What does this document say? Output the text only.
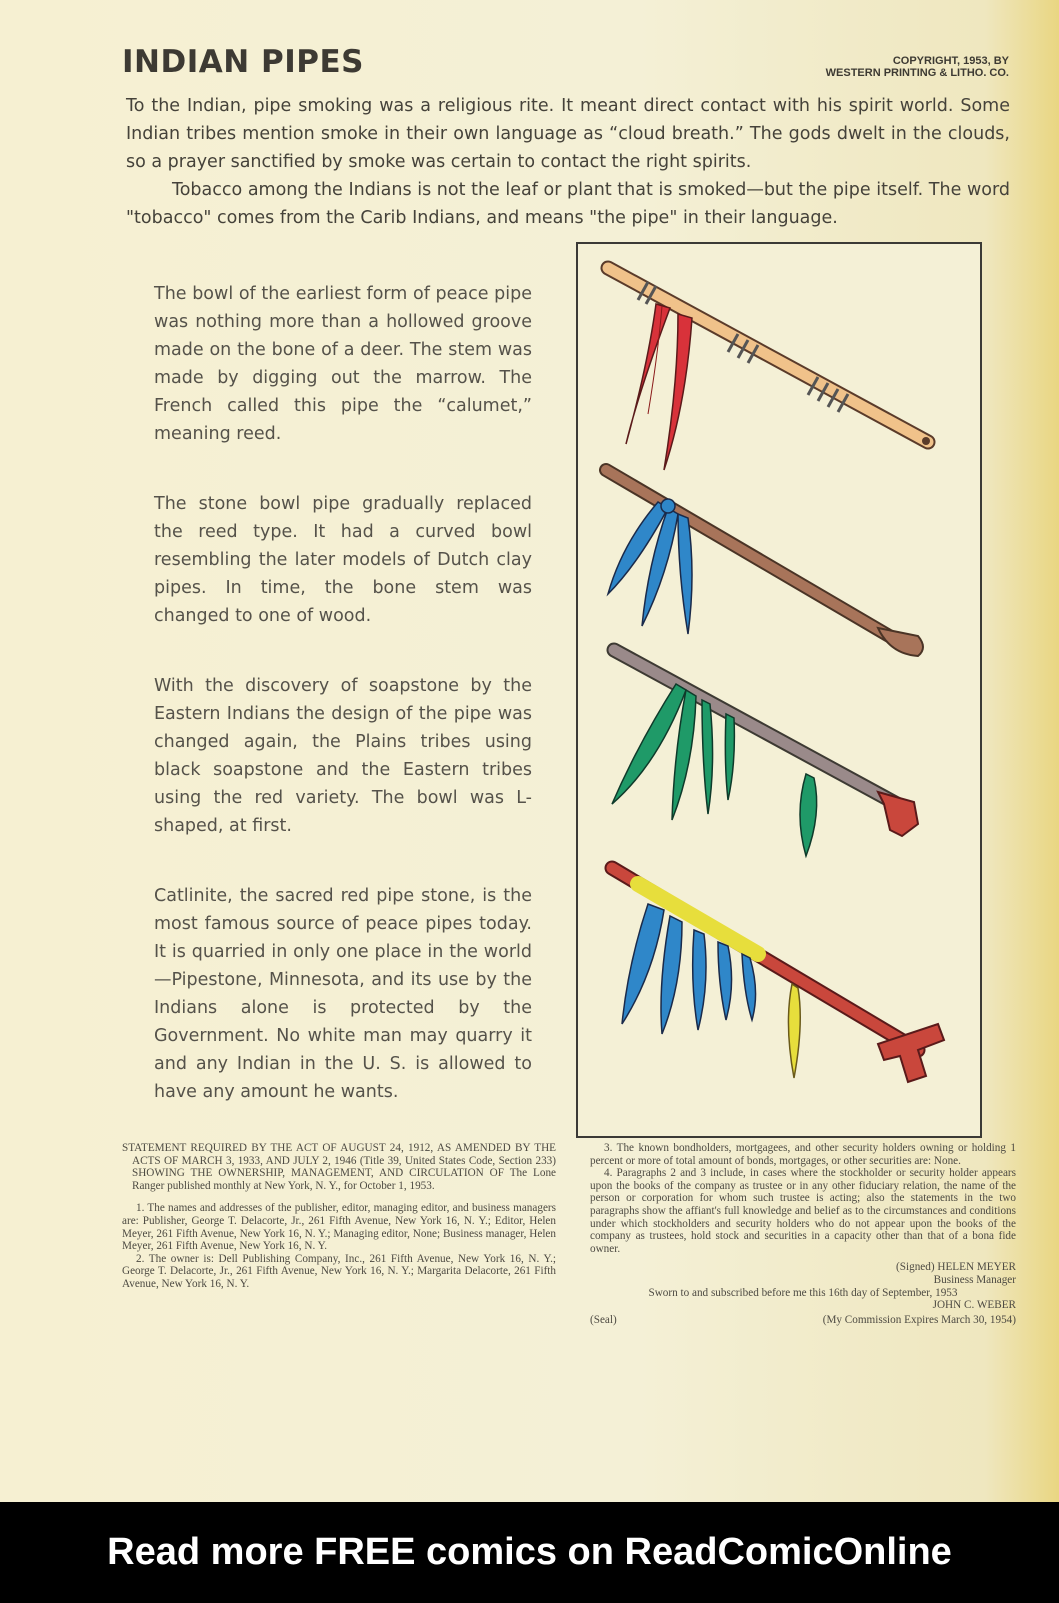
INDIAN PIPES	COPYRIGHT, 1953, BY
WESTERN PRINTING & LITHO. CO.

To the Indian, pipe smoking was a religious rite. It meant direct contact with his spirit world. Some Indian tribes mention smoke in their own language as “cloud breath.” The gods dwelt in the clouds, so a prayer sanctified by smoke was certain to contact the right spirits.

Tobacco among the Indians is not the leaf or plant that is smoked—but the pipe itself. The word "tobacco" comes from the Carib Indians, and means "the pipe" in their language.

The bowl of the earliest form of peace pipe was nothing more than a hollowed groove made on the bone of a deer. The stem was made by digging out the marrow. The French called this pipe the “calumet,” meaning reed.

The stone bowl pipe gradually replaced the reed type. It had a curved bowl resembling the later models of Dutch clay pipes. In time, the bone stem was changed to one of wood.

With the discovery of soapstone by the Eastern Indians the design of the pipe was changed again, the Plains tribes using black soapstone and the Eastern tribes using the red variety. The bowl was L-shaped, at first.

Catlinite, the sacred red pipe stone, is the most famous source of peace pipes today. It is quarried in only one place in the world—Pipestone, Minnesota, and its use by the Indians alone is protected by the Government. No white man may quarry it and any Indian in the U. S. is allowed to have any amount he wants.

STATEMENT REQUIRED BY THE ACT OF AUGUST 24, 1912, AS AMENDED BY THE ACTS OF MARCH 3, 1933, AND JULY 2, 1946 (Title 39, United States Code, Section 233) SHOWING THE OWNERSHIP, MANAGEMENT, AND CIRCULATION OF The Lone Ranger published monthly at New York, N. Y., for October 1, 1953.

1. The names and addresses of the publisher, editor, managing editor, and business managers are: Publisher, George T. Delacorte, Jr., 261 Fifth Avenue, New York 16, N. Y.; Editor, Helen Meyer, 261 Fifth Avenue, New York 16, N. Y.; Managing editor, None; Business manager, Helen Meyer, 261 Fifth Avenue, New York 16, N. Y.

2. The owner is: Dell Publishing Company, Inc., 261 Fifth Avenue, New York 16, N. Y.; George T. Delacorte, Jr., 261 Fifth Avenue, New York 16, N. Y.; Margarita Delacorte, 261 Fifth Avenue, New York 16, N. Y.

3. The known bondholders, mortgagees, and other security holders owning or holding 1 percent or more of total amount of bonds, mortgages, or other securities are: None.

4. Paragraphs 2 and 3 include, in cases where the stockholder or security holder appears upon the books of the company as trustee or in any other fiduciary relation, the name of the person or corporation for whom such trustee is acting; also the statements in the two paragraphs show the affiant's full knowledge and belief as to the circumstances and conditions under which stockholders and security holders who do not appear upon the books of the company as trustees, hold stock and securities in a capacity other than that of a bona fide owner.

(Signed) HELEN MEYER

Business Manager

Sworn to and subscribed before me this 16th day of September, 1953

JOHN C. WEBER

(Seal)	(My Commission Expires March 30, 1954)
Read more FREE comics on ReadComicOnline
